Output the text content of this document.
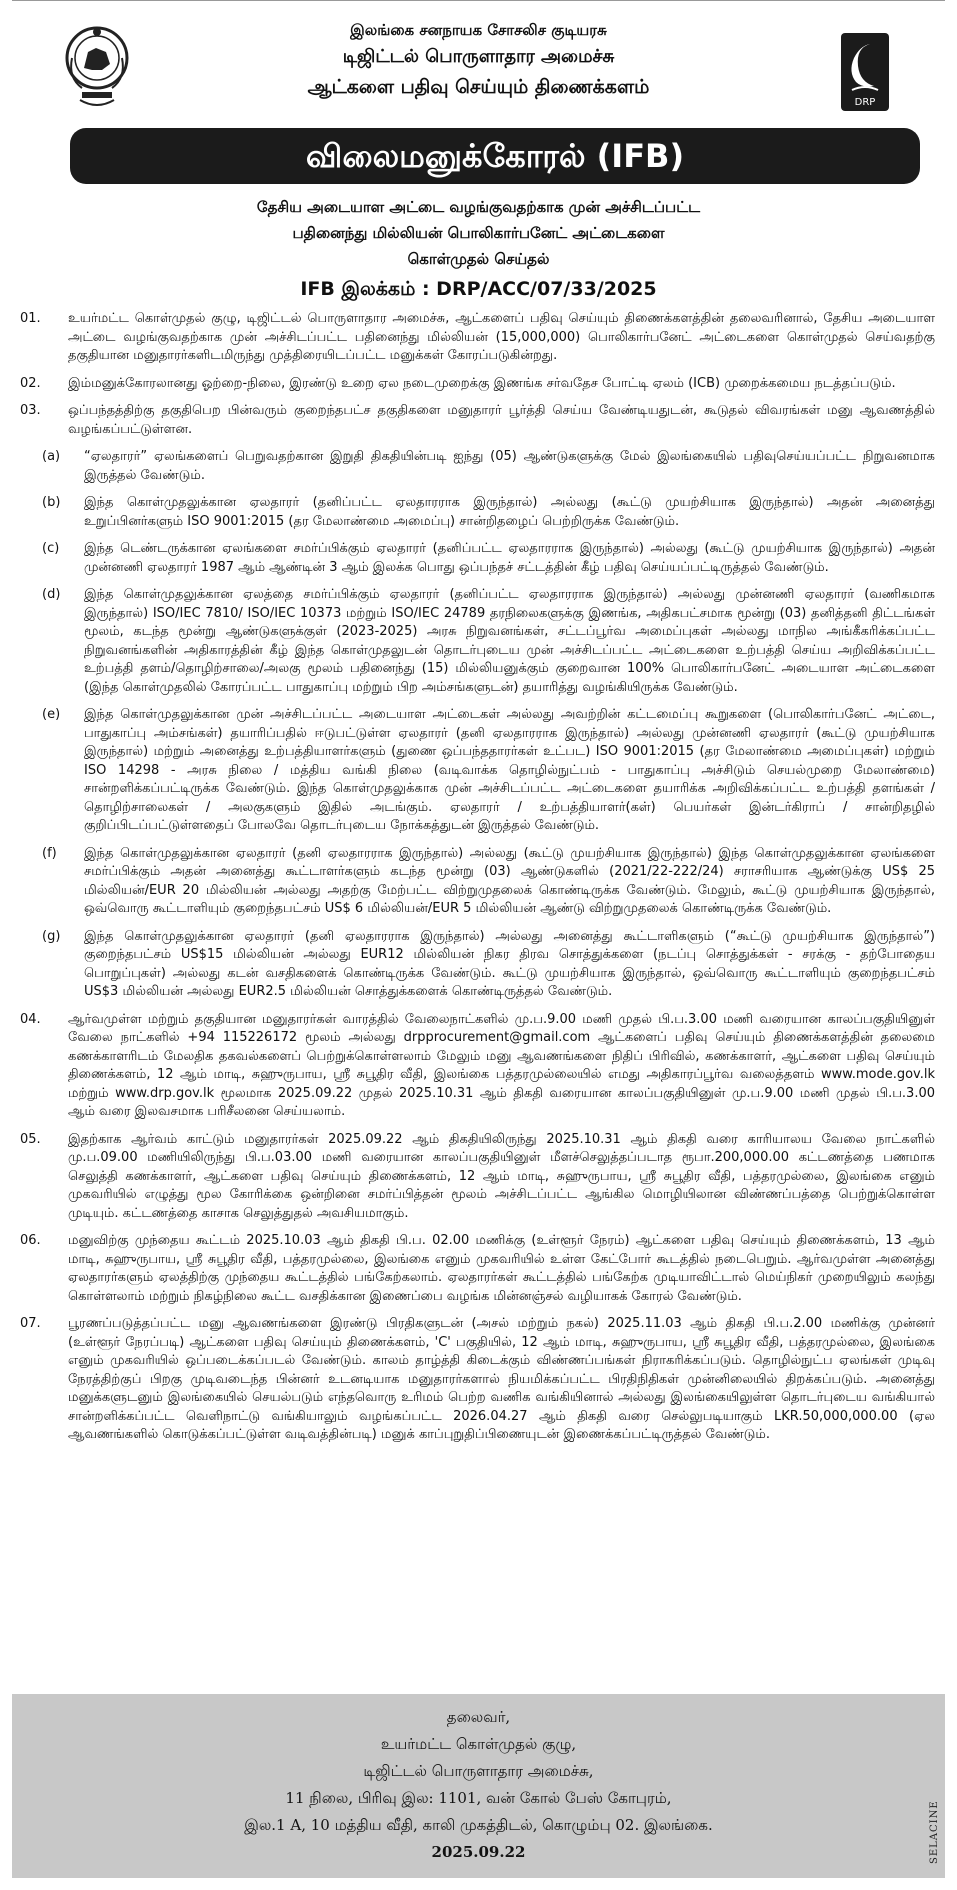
இலங்கை சனநாயக சோசலிச குடியரசு
டிஜிட்டல் பொருளாதார அமைச்சு
ஆட்களை பதிவு செய்யும் திணைக்களம்
DRP
விலைமனுக்கோரல் (IFB)
தேசிய அடையாள அட்டை வழங்குவதற்காக முன் அச்சிடப்பட்ட
பதினைந்து மில்லியன் பொலிகார்பனேட் அட்டைகளை
கொள்முதல் செய்தல்
IFB இலக்கம் : DRP/ACC/07/33/2025
01.	உயர்மட்ட கொள்முதல் குழு, டிஜிட்டல் பொருளாதார அமைச்சு, ஆட்களைப் பதிவு செய்யும் திணைக்களத்தின் தலைவரினால், தேசிய அடையாள அட்டை வழங்குவதற்காக முன் அச்சிடப்பட்ட பதினைந்து மில்லியன் (15,000,000) பொலிகார்பனேட் அட்டைகளை கொள்முதல் செய்வதற்கு தகுதியான மனுதாரர்களிடமிருந்து முத்திரையிடப்பட்ட மனுக்கள் கோரப்படுகின்றது.
02.	இம்மனுக்கோரலானது ஓற்றை-நிலை, இரண்டு உறை ஏல நடைமுறைக்கு இணங்க சர்வதேச போட்டி ஏலம் (ICB) முறைக்கமைய நடத்தப்படும்.
03.	ஒப்பந்தத்திற்கு தகுதிபெற பின்வரும் குறைந்தபட்ச தகுதிகளை மனுதாரர் பூர்த்தி செய்ய வேண்டியதுடன், கூடுதல் விவரங்கள் மனு ஆவணத்தில் வழங்கப்பட்டுள்ளன.
(a)	“ஏலதாரர்” ஏலங்களைப் பெறுவதற்கான இறுதி திகதியின்படி ஐந்து (05) ஆண்டுகளுக்கு மேல் இலங்கையில் பதிவுசெய்யப்பட்ட நிறுவனமாக இருத்தல் வேண்டும்.
(b)	இந்த கொள்முதலுக்கான ஏலதாரர் (தனிப்பட்ட ஏலதாரராக இருந்தால்) அல்லது (கூட்டு முயற்சியாக இருந்தால்) அதன் அனைத்து உறுப்பினர்களும் ISO 9001:2015 (தர மேலாண்மை அமைப்பு) சான்றிதழைப் பெற்றிருக்க வேண்டும்.
(c)	இந்த டெண்டருக்கான ஏலங்களை சமர்ப்பிக்கும் ஏலதாரர் (தனிப்பட்ட ஏலதாரராக இருந்தால்) அல்லது (கூட்டு முயற்சியாக இருந்தால்) அதன் முன்னணி ஏலதாரர் 1987 ஆம் ஆண்டின் 3 ஆம் இலக்க பொது ஒப்பந்தச் சட்டத்தின் கீழ் பதிவு செய்யப்பட்டிருத்தல் வேண்டும்.
(d)	இந்த கொள்முதலுக்கான ஏலத்தை சமர்ப்பிக்கும் ஏலதாரர் (தனிப்பட்ட ஏலதாரராக இருந்தால்) அல்லது முன்னணி ஏலதாரர் (வணிகமாக இருந்தால்) ISO/IEC 7810/ ISO/IEC 10373 மற்றும் ISO/IEC 24789 தரநிலைகளுக்கு இணங்க, அதிகபட்சமாக மூன்று (03) தனித்தனி திட்டங்கள் மூலம், கடந்த மூன்று ஆண்டுகளுக்குள் (2023-2025) அரசு நிறுவனங்கள், சட்டப்பூர்வ அமைப்புகள் அல்லது மாநில அங்கீகரிக்கப்பட்ட நிறுவனங்களின் அதிகாரத்தின் கீழ் இந்த கொள்முதலுடன் தொடர்புடைய முன் அச்சிடப்பட்ட அட்டைகளை உற்பத்தி செய்ய அறிவிக்கப்பட்ட உற்பத்தி தளம்/தொழிற்சாலை/அலகு மூலம் பதினைந்து (15) மில்லியனுக்கும் குறைவான 100% பொலிகார்பனேட் அடையாள அட்டைகளை (இந்த கொள்முதலில் கோரப்பட்ட பாதுகாப்பு மற்றும் பிற அம்சங்களுடன்) தயாரித்து வழங்கியிருக்க வேண்டும்.
(e)	இந்த கொள்முதலுக்கான முன் அச்சிடப்பட்ட அடையாள அட்டைகள் அல்லது அவற்றின் கட்டமைப்பு கூறுகளை (பொலிகார்பனேட் அட்டை, பாதுகாப்பு அம்சங்கள்) தயாரிப்பதில் ஈடுபட்டுள்ள ஏலதாரர் (தனி ஏலதாரராக இருந்தால்) அல்லது முன்னணி ஏலதாரர் (கூட்டு முயற்சியாக இருந்தால்) மற்றும் அனைத்து உற்பத்தியாளர்களும் (துணை ஒப்பந்ததாரர்கள் உட்பட) ISO 9001:2015 (தர மேலாண்மை அமைப்புகள்) மற்றும் ISO 14298 - அரசு நிலை / மத்திய வங்கி நிலை (வடிவாக்க தொழில்நுட்பம் - பாதுகாப்பு அச்சிடும் செயல்முறை மேலாண்மை) சான்றளிக்கப்பட்டிருக்க வேண்டும். இந்த கொள்முதலுக்காக முன் அச்சிடப்பட்ட அட்டைகளை தயாரிக்க அறிவிக்கப்பட்ட உற்பத்தி தளங்கள் / தொழிற்சாலைகள் / அலகுகளும் இதில் அடங்கும். ஏலதாரர் / உற்பத்தியாளர்(கள்) பெயர்கள் இன்டர்கிராப் / சான்றிதழில் குறிப்பிடப்பட்டுள்ளதைப் போலவே தொடர்புடைய நோக்கத்துடன் இருத்தல் வேண்டும்.
(f)	இந்த கொள்முதலுக்கான ஏலதாரர் (தனி ஏலதாரராக இருந்தால்) அல்லது (கூட்டு முயற்சியாக இருந்தால்) இந்த கொள்முதலுக்கான ஏலங்களை சமர்ப்பிக்கும் அதன் அனைத்து கூட்டாளர்களும் கடந்த மூன்று (03) ஆண்டுகளில் (2021/22-222/24) சராசரியாக ஆண்டுக்கு US$ 25 மில்லியன்/EUR 20 மில்லியன் அல்லது அதற்கு மேற்பட்ட விற்றுமுதலைக் கொண்டிருக்க வேண்டும். மேலும், கூட்டு முயற்சியாக இருந்தால், ஒவ்வொரு கூட்டாளியும் குறைந்தபட்சம் US$ 6 மில்லியன்/EUR 5 மில்லியன் ஆண்டு விற்றுமுதலைக் கொண்டிருக்க வேண்டும்.
(g)	இந்த கொள்முதலுக்கான ஏலதாரர் (தனி ஏலதாரராக இருந்தால்) அல்லது அனைத்து கூட்டாளிகளும் (“கூட்டு முயற்சியாக இருந்தால்”) குறைந்தபட்சம் US$15 மில்லியன் அல்லது EUR12 மில்லியன் நிகர திரவ சொத்துக்களை (நடப்பு சொத்துக்கள் - சரக்கு - தற்போதைய பொறுப்புகள்) அல்லது கடன் வசதிகளைக் கொண்டிருக்க வேண்டும். கூட்டு முயற்சியாக இருந்தால், ஒவ்வொரு கூட்டாளியும் குறைந்தபட்சம் US$3 மில்லியன் அல்லது EUR2.5 மில்லியன் சொத்துக்களைக் கொண்டிருத்தல் வேண்டும்.
04.	ஆர்வமுள்ள மற்றும் தகுதியான மனுதாரர்கள் வாரத்தில் வேலைநாட்களில் மு.ப.9.00 மணி முதல் பி.ப.3.00 மணி வரையான காலப்பகுதியினுள் வேலை நாட்களில் +94 115226172 மூலம் அல்லது drpprocurement@gmail.com ஆட்களைப் பதிவு செய்யும் திணைக்களத்தின் தலைமை கணக்காளரிடம் மேலதிக தகவல்களைப் பெற்றுக்கொள்ளலாம் மேலும் மனு ஆவணங்களை நிதிப் பிரிவில், கணக்காளர், ஆட்களை பதிவு செய்யும் திணைக்களம், 12 ஆம் மாடி, சுஹுருபாய, ஸ்ரீ சுபூதிர வீதி, இலங்கை பத்தரமுல்லையில் எமது அதிகாரப்பூர்வ வலைத்தளம் www.mode.gov.lk மற்றும் www.drp.gov.lk மூலமாக 2025.09.22 முதல் 2025.10.31 ஆம் திகதி வரையான காலப்பகுதியினுள் மு.ப.9.00 மணி முதல் பி.ப.3.00 ஆம் வரை இலவசமாக பரிசீலனை செய்யலாம்.
05.	இதற்காக ஆர்வம் காட்டும் மனுதாரர்கள் 2025.09.22 ஆம் திகதியிலிருந்து 2025.10.31 ஆம் திகதி வரை காரியாலய வேலை நாட்களில் மு.ப.09.00 மணியிலிருந்து பி.ப.03.00 மணி வரையான காலப்பகுதியினுள் மீளச்செலுத்தப்படாத ரூபா.200,000.00 கட்டணத்தை பணமாக செலுத்தி கணக்காளர், ஆட்களை பதிவு செய்யும் திணைக்களம், 12 ஆம் மாடி, சுஹுருபாய, ஸ்ரீ சுபூதிர வீதி, பத்தரமுல்லை, இலங்கை எனும் முகவரியில் எழுத்து மூல கோரிக்கை ஒன்றினை சமர்ப்பித்தன் மூலம் அச்சிடப்பட்ட ஆங்கில மொழியிலான விண்ணப்பத்தை பெற்றுக்கொள்ள முடியும். கட்டணத்தை காசாக செலுத்துதல் அவசியமாகும்.
06.	மனுவிற்கு முந்தைய கூட்டம் 2025.10.03 ஆம் திகதி பி.ப. 02.00 மணிக்கு (உள்ளூர் நேரம்) ஆட்களை பதிவு செய்யும் திணைக்களம், 13 ஆம் மாடி, சுஹுருபாய, ஸ்ரீ சுபூதிர வீதி, பத்தரமுல்லை, இலங்கை எனும் முகவரியில் உள்ள கேட்போர் கூடத்தில் நடைபெறும். ஆர்வமுள்ள அனைத்து ஏலதாரர்களும் ஏலத்திற்கு முந்தைய கூட்டத்தில் பங்கேற்கலாம். ஏலதாரர்கள் கூட்டத்தில் பங்கேற்க முடியாவிட்டால் மெய்நிகர் முறையிலும் கலந்து கொள்ளலாம் மற்றும் நிகழ்நிலை கூட்ட வசதிக்கான இணைப்பை வழங்க மின்னஞ்சல் வழியாகக் கோரல் வேண்டும்.
07.	பூரணப்படுத்தப்பட்ட மனு ஆவணங்களை இரண்டு பிரதிகளுடன் (அசல் மற்றும் நகல்) 2025.11.03 ஆம் திகதி பி.ப.2.00 மணிக்கு முன்னர் (உள்ளூர் நேரப்படி) ஆட்களை பதிவு செய்யும் திணைக்களம், 'C' பகுதியில், 12 ஆம் மாடி, சுஹுருபாய, ஸ்ரீ சுபூதிர வீதி, பத்தரமுல்லை, இலங்கை எனும் முகவரியில் ஒப்படைக்கப்படல் வேண்டும். காலம் தாழ்த்தி கிடைக்கும் விண்ணப்பங்கள் நிராகரிக்கப்படும். தொழில்நுட்ப ஏலங்கள் முடிவு நேரத்திற்குப் பிறகு முடிவடைந்த பின்னர் உடனடியாக மனுதாரர்களால் நியமிக்கப்பட்ட பிரதிநிதிகள் முன்னிலையில் திறக்கப்படும். அனைத்து மனுக்களுடனும் இலங்கையில் செயல்படும் எந்தவொரு உரிமம் பெற்ற வணிக வங்கியினால் அல்லது இலங்கையிலுள்ள தொடர்புடைய வங்கியால் சான்றளிக்கப்பட்ட வெளிநாட்டு வங்கியாலும் வழங்கப்பட்ட 2026.04.27 ஆம் திகதி வரை செல்லுபடியாகும் LKR.50,000,000.00 (ஏல ஆவணங்களில் கொடுக்கப்பட்டுள்ள வடிவத்தின்படி) மனுக் காப்புறுதிப்பிணையுடன் இணைக்கப்பட்டிருத்தல் வேண்டும்.
தலைவர்,
உயர்மட்ட கொள்முதல் குழு,
டிஜிட்டல் பொருளாதார அமைச்சு,
11 நிலை, பிரிவு இல: 1101, வன் கோல் பேஸ் கோபுரம்,
இல.1 A, 10 மத்திய வீதி, காலி முகத்திடல், கொழும்பு 02. இலங்கை.
2025.09.22	SELACINE
